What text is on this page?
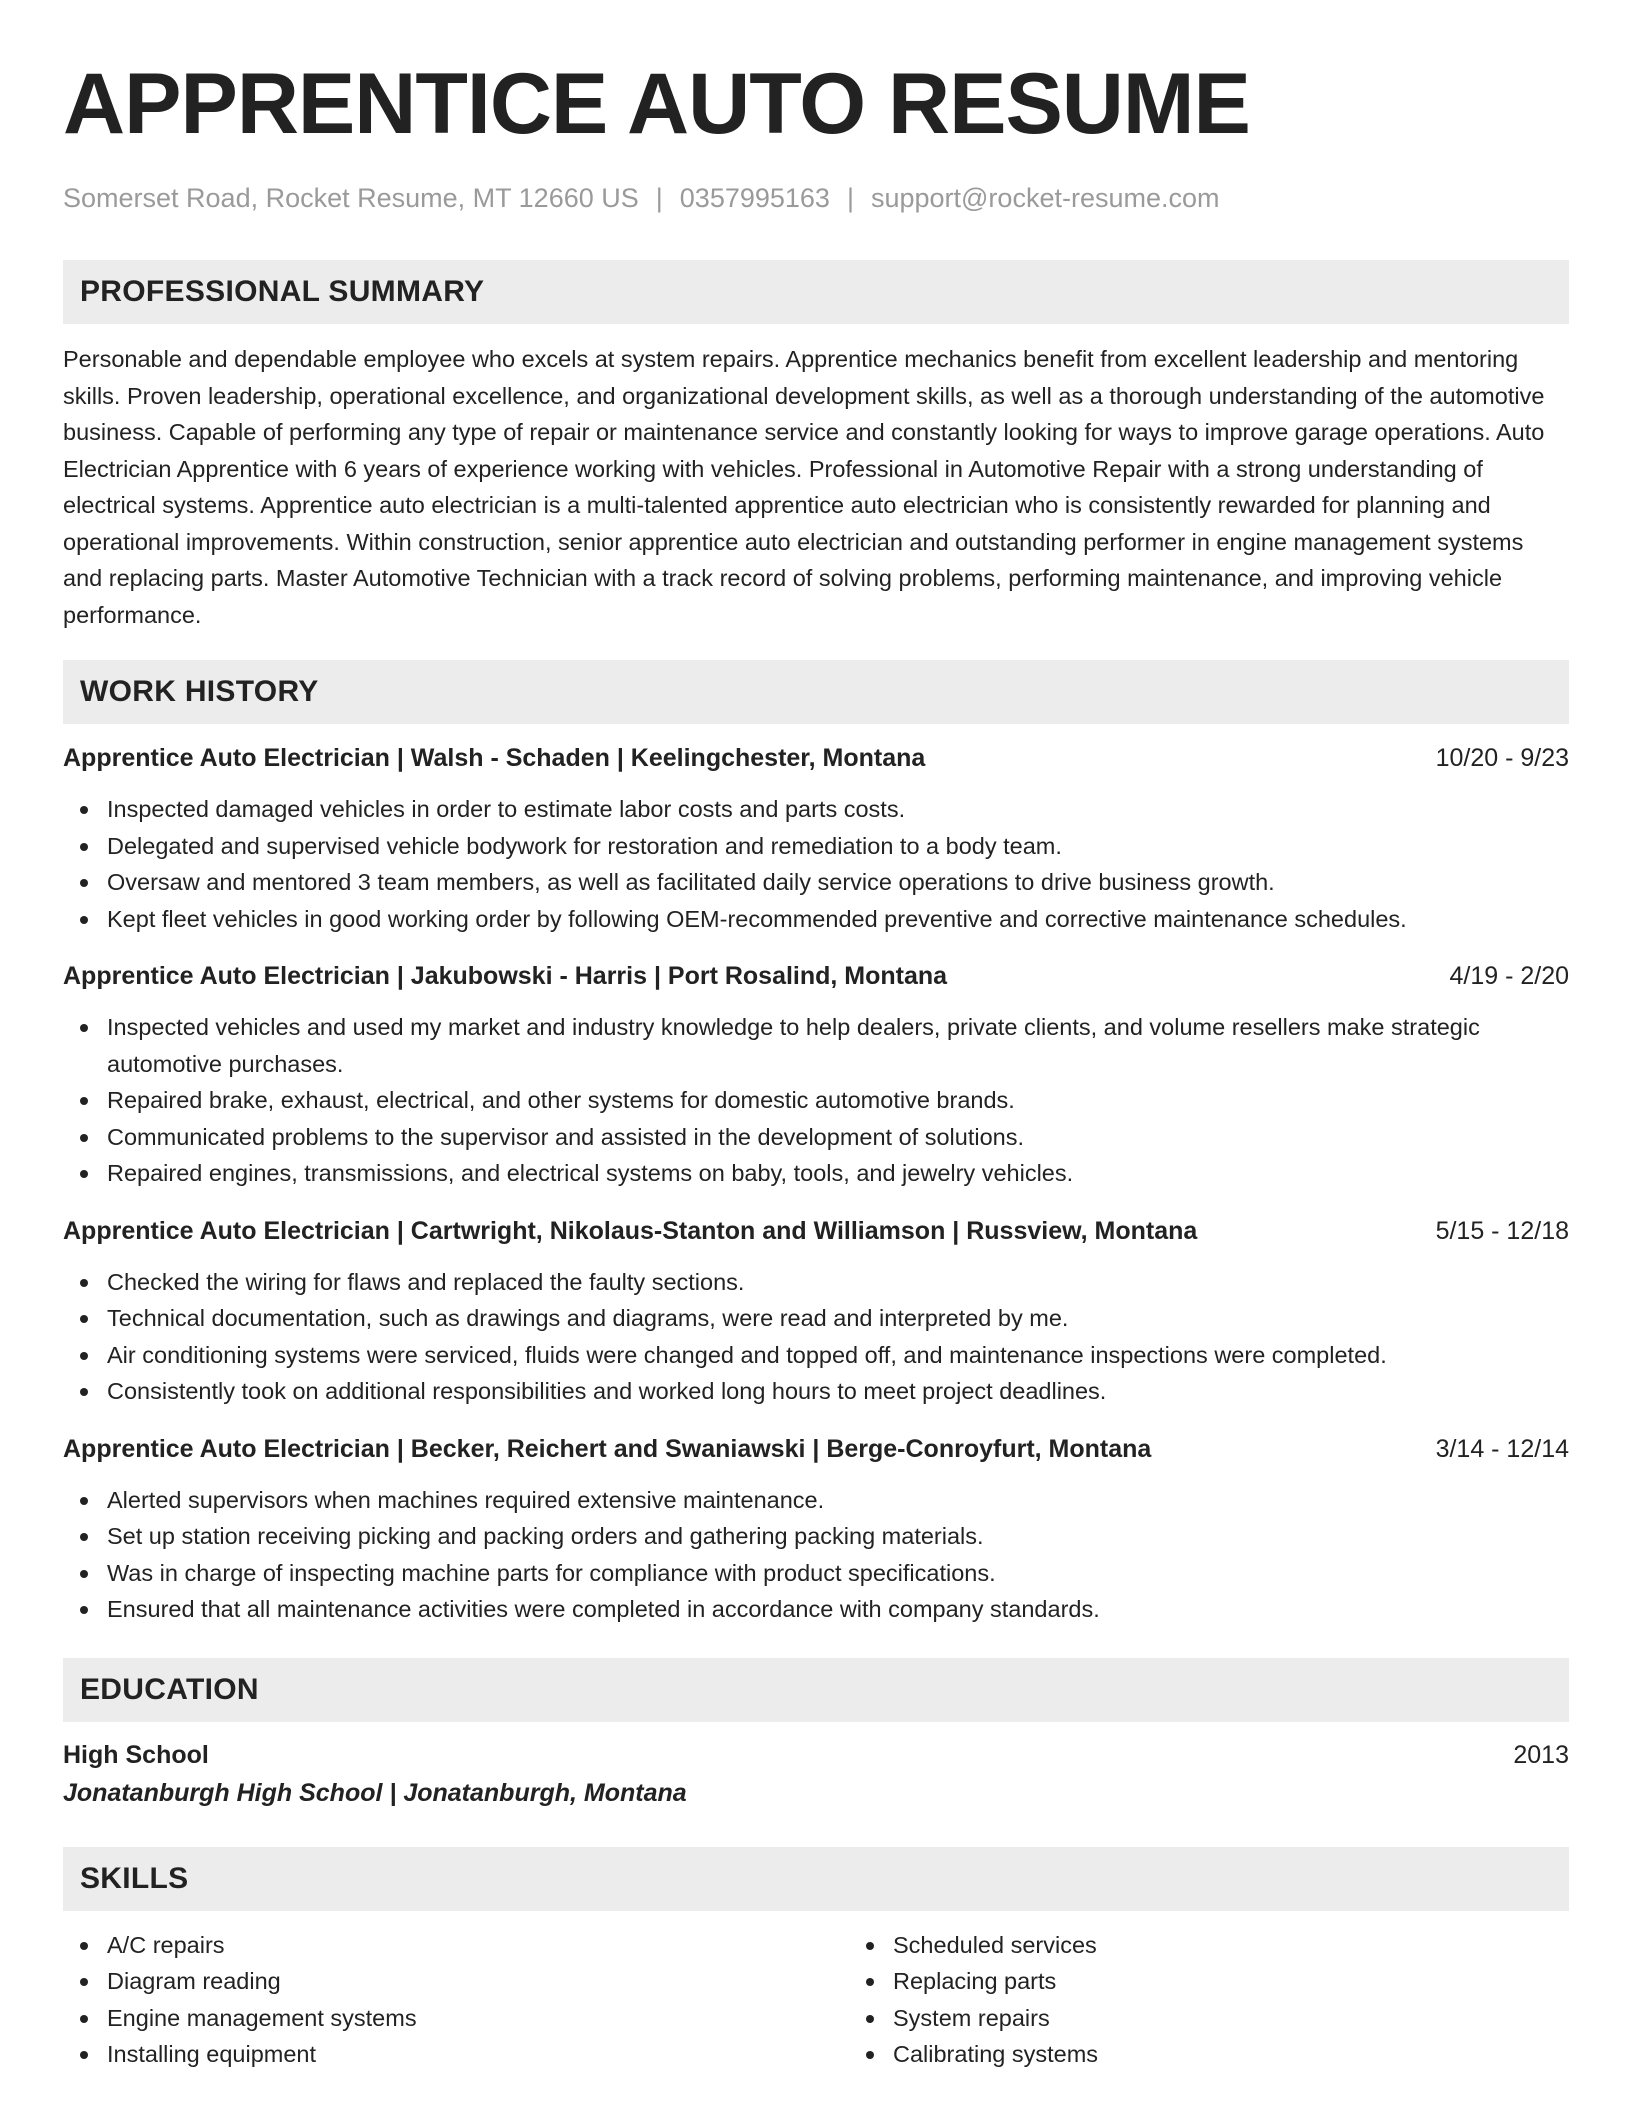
APPRENTICE AUTO RESUME
Somerset Road, Rocket Resume, MT 12660 US | 0357995163 | support@rocket-resume.com
PROFESSIONAL SUMMARY
Personable and dependable employee who excels at system repairs. Apprentice mechanics benefit from excellent leadership and mentoring skills. Proven leadership, operational excellence, and organizational development skills, as well as a thorough understanding of the automotive business. Capable of performing any type of repair or maintenance service and constantly looking for ways to improve garage operations. Auto Electrician Apprentice with 6 years of experience working with vehicles. Professional in Automotive Repair with a strong understanding of electrical systems. Apprentice auto electrician is a multi-talented apprentice auto electrician who is consistently rewarded for planning and operational improvements. Within construction, senior apprentice auto electrician and outstanding performer in engine management systems and replacing parts. Master Automotive Technician with a track record of solving problems, performing maintenance, and improving vehicle performance.
WORK HISTORY
Apprentice Auto Electrician | Walsh - Schaden | Keelingchester, Montana	10/20 - 9/23
Inspected damaged vehicles in order to estimate labor costs and parts costs.
Delegated and supervised vehicle bodywork for restoration and remediation to a body team.
Oversaw and mentored 3 team members, as well as facilitated daily service operations to drive business growth.
Kept fleet vehicles in good working order by following OEM-recommended preventive and corrective maintenance schedules.
Apprentice Auto Electrician | Jakubowski - Harris | Port Rosalind, Montana	4/19 - 2/20
Inspected vehicles and used my market and industry knowledge to help dealers, private clients, and volume resellers make strategic automotive purchases.
Repaired brake, exhaust, electrical, and other systems for domestic automotive brands.
Communicated problems to the supervisor and assisted in the development of solutions.
Repaired engines, transmissions, and electrical systems on baby, tools, and jewelry vehicles.
Apprentice Auto Electrician | Cartwright, Nikolaus-Stanton and Williamson | Russview, Montana	5/15 - 12/18
Checked the wiring for flaws and replaced the faulty sections.
Technical documentation, such as drawings and diagrams, were read and interpreted by me.
Air conditioning systems were serviced, fluids were changed and topped off, and maintenance inspections were completed.
Consistently took on additional responsibilities and worked long hours to meet project deadlines.
Apprentice Auto Electrician | Becker, Reichert and Swaniawski | Berge-Conroyfurt, Montana	3/14 - 12/14
Alerted supervisors when machines required extensive maintenance.
Set up station receiving picking and packing orders and gathering packing materials.
Was in charge of inspecting machine parts for compliance with product specifications.
Ensured that all maintenance activities were completed in accordance with company standards.
EDUCATION
High School	2013
Jonatanburgh High School | Jonatanburgh, Montana
SKILLS
A/C repairs
Diagram reading
Engine management systems
Installing equipment
Scheduled services
Replacing parts
System repairs
Calibrating systems
